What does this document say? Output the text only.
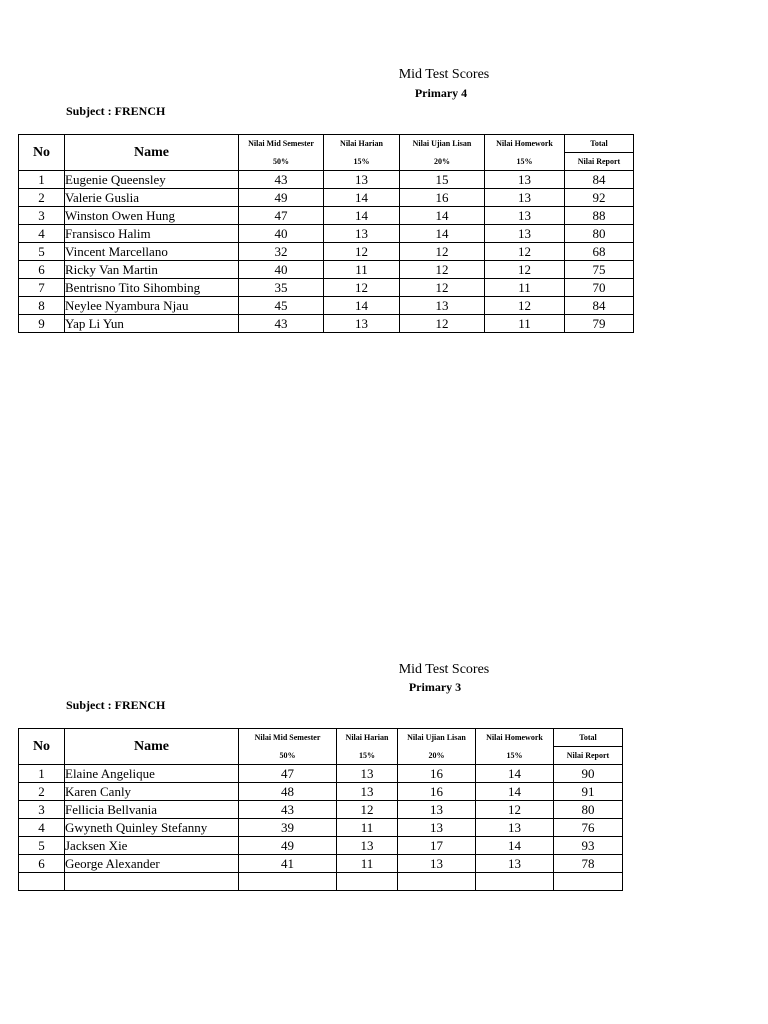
Mid Test Scores
Primary 4
Subject : FRENCH
No	Name	Nilai Mid Semester	Nilai Harian	Nilai Ujian Lisan	Nilai Homework	Total
		50%	15%	20%	15%	Nilai Report
1	Eugenie Queensley	43	13	15	13	84
2	Valerie Guslia	49	14	16	13	92
3	Winston Owen Hung	47	14	14	13	88
4	Fransisco Halim	40	13	14	13	80
5	Vincent Marcellano	32	12	12	12	68
6	Ricky Van Martin	40	11	12	12	75
7	Bentrisno Tito Sihombing	35	12	12	11	70
8	Neylee Nyambura Njau	45	14	13	12	84
9	Yap Li Yun	43	13	12	11	79
Mid Test Scores
Primary 3
Subject : FRENCH
No	Name	Nilai Mid Semester	Nilai Harian	Nilai Ujian Lisan	Nilai Homework	Total
		50%	15%	20%	15%	Nilai Report
1	Elaine Angelique	47	13	16	14	90
2	Karen Canly	48	13	16	14	91
3	Fellicia Bellvania	43	12	13	12	80
4	Gwyneth Quinley Stefanny	39	11	13	13	76
5	Jacksen Xie	49	13	17	14	93
6	George Alexander	41	11	13	13	78
